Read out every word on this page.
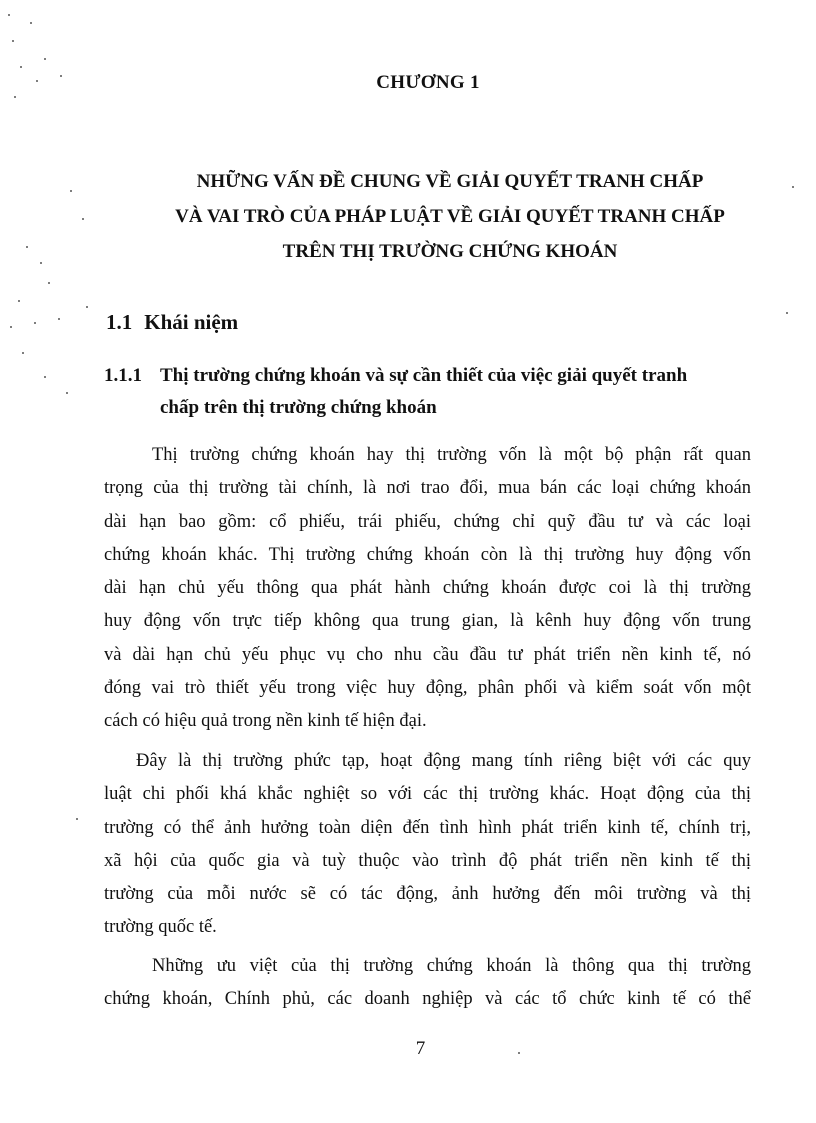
CHƯƠNG 1
NHỮNG VẤN ĐỀ CHUNG VỀ GIẢI QUYẾT TRANH CHẤP
VÀ VAI TRÒ CỦA PHÁP LUẬT VỀ GIẢI QUYẾT TRANH CHẤP
TRÊN THỊ TRƯỜNG CHỨNG KHOÁN
1.1 Khái niệm
1.1.1 Thị trường chứng khoán và sự cần thiết của việc giải quyết tranh
chấp trên thị trường chứng khoán
Thị trường chứng khoán hay thị trường vốn là một bộ phận rất quan
trọng của thị trường tài chính, là nơi trao đổi, mua bán các loại chứng khoán
dài hạn bao gồm: cổ phiếu, trái phiếu, chứng chỉ quỹ đầu tư và các loại
chứng khoán khác. Thị trường chứng khoán còn là thị trường huy động vốn
dài hạn chủ yếu thông qua phát hành chứng khoán được coi là thị trường
huy động vốn trực tiếp không qua trung gian, là kênh huy động vốn trung
và dài hạn chủ yếu phục vụ cho nhu cầu đầu tư phát triển nền kinh tế, nó
đóng vai trò thiết yếu trong việc huy động, phân phối và kiểm soát vốn một
cách có hiệu quả trong nền kinh tế hiện đại.
Đây là thị trường phức tạp, hoạt động mang tính riêng biệt với các quy
luật chi phối khá khắc nghiệt so với các thị trường khác. Hoạt động của thị
trường có thể ảnh hưởng toàn diện đến tình hình phát triển kinh tế, chính trị,
xã hội của quốc gia và tuỳ thuộc vào trình độ phát triển nền kinh tế thị
trường của mỗi nước sẽ có tác động, ảnh hưởng đến môi trường và thị
trường quốc tế.
Những ưu việt của thị trường chứng khoán là thông qua thị trường
chứng khoán, Chính phủ, các doanh nghiệp và các tổ chức kinh tế có thể
7
